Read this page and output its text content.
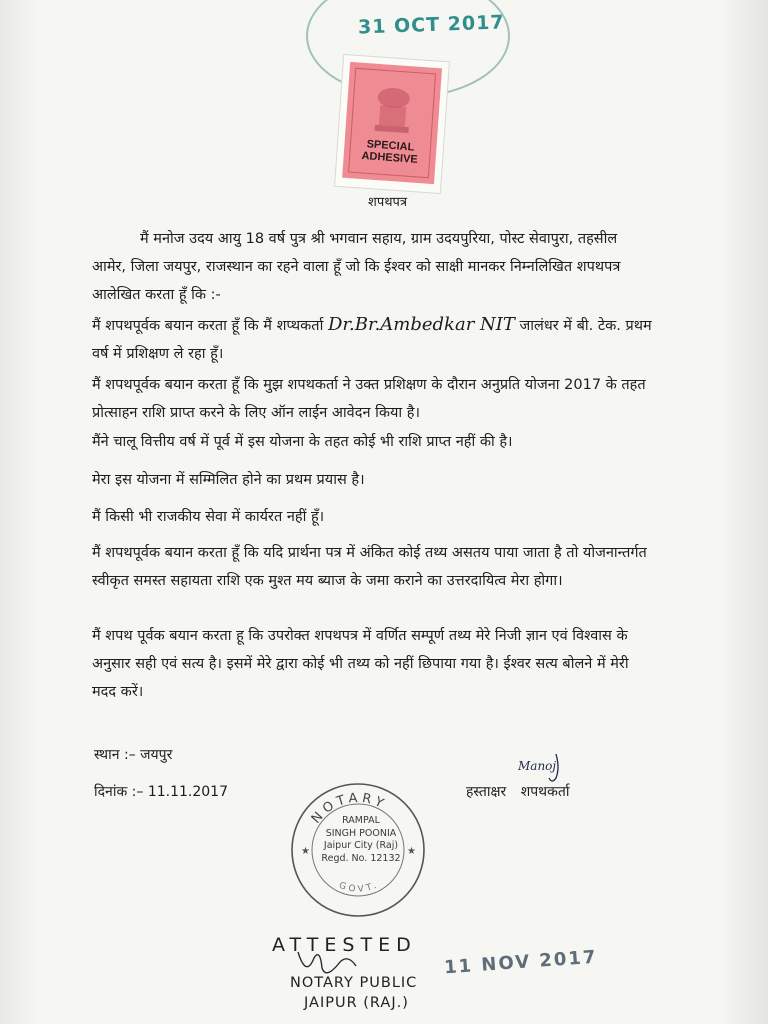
31 OCT 2017
SPECIAL
ADHESIVE
शपथपत्र

मैं मनोज उदय आयु 18 वर्ष पुत्र श्री भगवान सहाय, ग्राम उदयपुरिया, पोस्ट सेवापुरा, तहसील आमेर, जिला जयपुर, राजस्थान का रहने वाला हूँ जो कि ईश्वर को साक्षी मानकर निम्नलिखित शपथपत्र आलेखित करता हूँ कि :-

मैं शपथपूर्वक बयान करता हूँ कि मैं शप्थकर्ता Dr.Br.Ambedkar NIT जालंधर में बी. टेक. प्रथम वर्ष में प्रशिक्षण ले रहा हूँ।

मैं शपथपूर्वक बयान करता हूँ कि मुझ शपथकर्ता ने उक्त प्रशिक्षण के दौरान अनुप्रति योजना 2017 के तहत प्रोत्साहन राशि प्राप्त करने के लिए ऑन लाईन आवेदन किया है।

मैंने चालू वित्तीय वर्ष में पूर्व में इस योजना के तहत कोई भी राशि प्राप्त नहीं की है।

मेरा इस योजना में सम्मिलित होने का प्रथम प्रयास है।

मैं किसी भी राजकीय सेवा में कार्यरत नहीं हूँ।

मैं शपथपूर्वक बयान करता हूँ कि यदि प्रार्थना पत्र में अंकित कोई तथ्य असतय पाया जाता है तो योजनान्तर्गत स्वीकृत समस्त सहायता राशि एक मुश्त मय ब्याज के जमा कराने का उत्तरदायित्व मेरा होगा।

मैं शपथ पूर्वक बयान करता हू कि उपरोक्त शपथपत्र में वर्णित सम्पूर्ण तथ्य मेरे निजी ज्ञान एवं विश्वास के अनुसार सही एवं सत्य है। इसमें मेरे द्वारा कोई भी तथ्य को नहीं छिपाया गया है। ईश्वर सत्य बोलने में मेरी मदद करें।

स्थान :– जयपुर
दिनांक :– 11.11.2017
Manoj
हस्ताक्षर शपथकर्ता
NOTARY
GOVT.
★	★
RAMPAL
SINGH POONIA
Jaipur City (Raj)
Regd. No. 12132
ATTESTED
11 NOV 2017
NOTARY PUBLIC
JAIPUR (RAJ.)
